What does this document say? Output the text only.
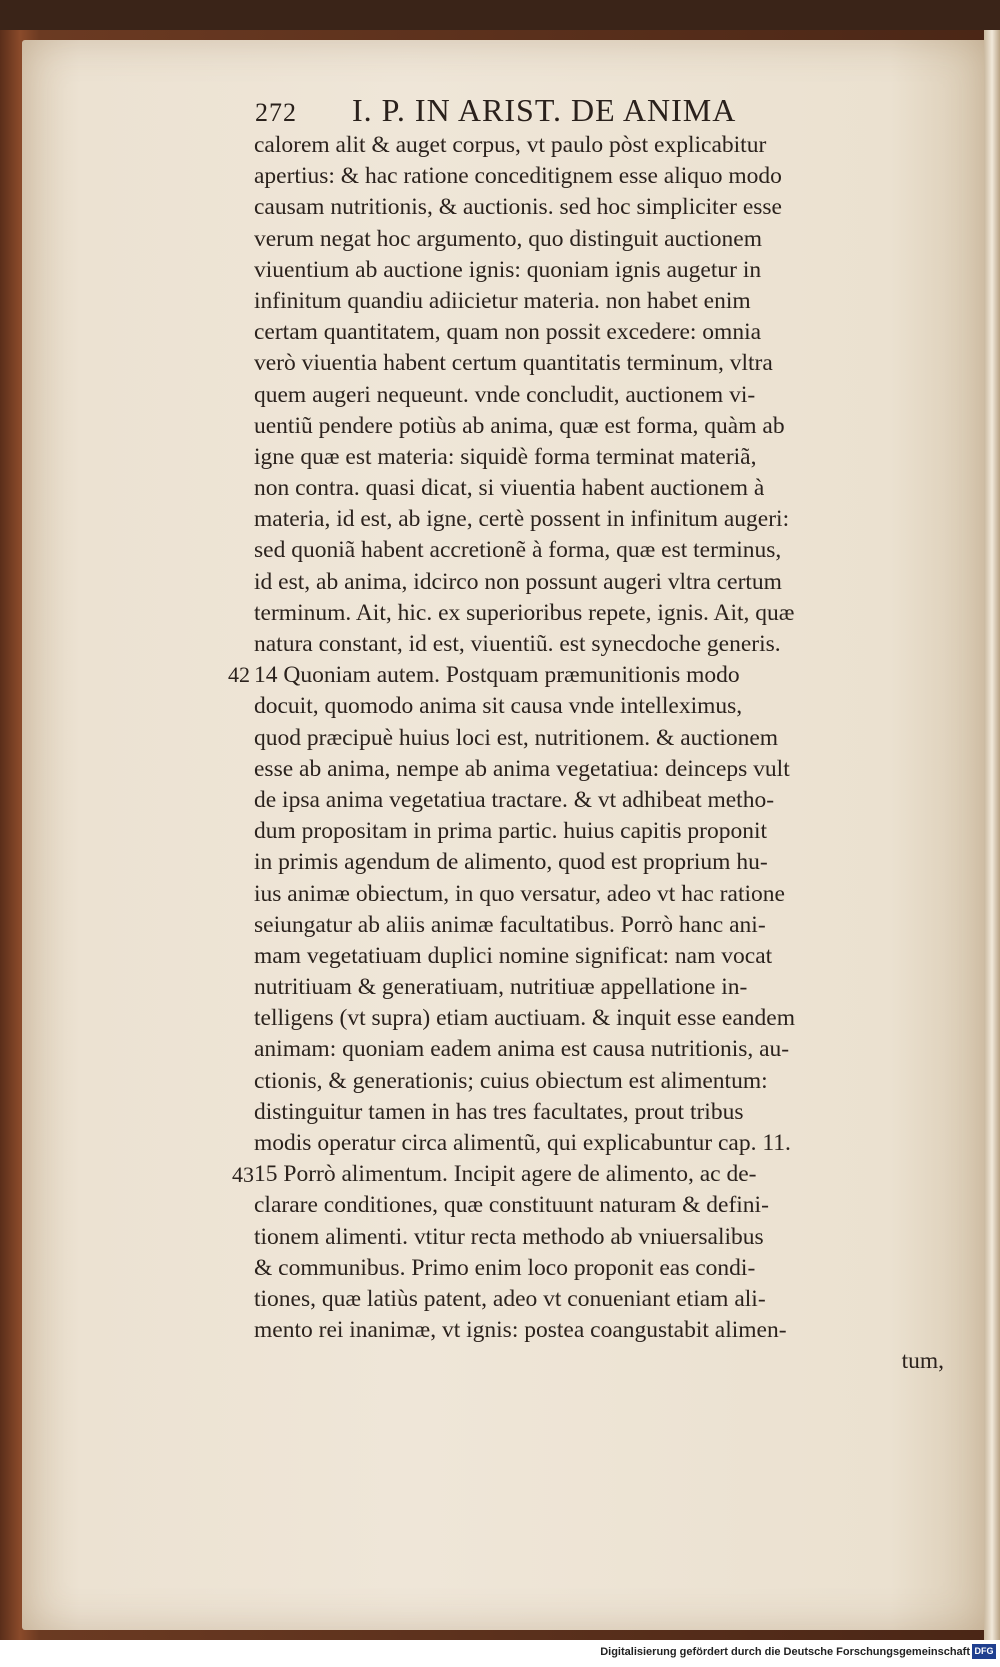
272 I. P. IN ARIST. DE ANIMA
calorem alit & auget corpus, vt paulo pòst explicabitur
apertius: & hac ratione conceditignem esse aliquo modo
causam nutritionis, & auctionis. sed hoc simpliciter esse
verum negat hoc argumento, quo distinguit auctionem
viuentium ab auctione ignis: quoniam ignis augetur in
infinitum quandiu adiicietur materia. non habet enim
certam quantitatem, quam non possit excedere: omnia
verò viuentia habent certum quantitatis terminum, vltra
quem augeri nequeunt. vnde concludit, auctionem vi-
uentiũ pendere potiùs ab anima, quæ est forma, quàm ab
igne quæ est materia: siquidè forma terminat materiã,
non contra. quasi dicat, si viuentia habent auctionem à
materia, id est, ab igne, certè possent in infinitum augeri:
sed quoniã habent accretionẽ à forma, quæ est terminus,
id est, ab anima, idcirco non possunt augeri vltra certum
terminum. Ait, hic. ex superioribus repete, ignis. Ait, quæ
natura constant, id est, viuentiũ. est synecdoche generis.
14 Quoniam autem. Postquam præmunitionis modo
docuit, quomodo anima sit causa vnde intelleximus,
quod præcipuè huius loci est, nutritionem. & auctionem
esse ab anima, nempe ab anima vegetatiua: deinceps vult
de ipsa anima vegetatiua tractare. & vt adhibeat metho-
dum propositam in prima partic. huius capitis proponit
in primis agendum de alimento, quod est proprium hu-
ius animæ obiectum, in quo versatur, adeo vt hac ratione
seiungatur ab aliis animæ facultatibus. Porrò hanc ani-
mam vegetatiuam duplici nomine significat: nam vocat
nutritiuam & generatiuam, nutritiuæ appellatione in-
telligens (vt supra) etiam auctiuam. & inquit esse eandem
animam: quoniam eadem anima est causa nutritionis, au-
ctionis, & generationis; cuius obiectum est alimentum:
distinguitur tamen in has tres facultates, prout tribus
modis operatur circa alimentũ, qui explicabuntur cap. 11.
15 Porrò alimentum. Incipit agere de alimento, ac de-
clarare conditiones, quæ constituunt naturam & defini-
tionem alimenti. vtitur recta methodo ab vniuersalibus
& communibus. Primo enim loco proponit eas condi-
tiones, quæ latiùs patent, adeo vt conueniant etiam ali-
mento rei inanimæ, vt ignis: postea coangustabit alimen-
tum,
42
43
Digitalisierung gefördert durch die Deutsche Forschungsgemeinschaft DFG
